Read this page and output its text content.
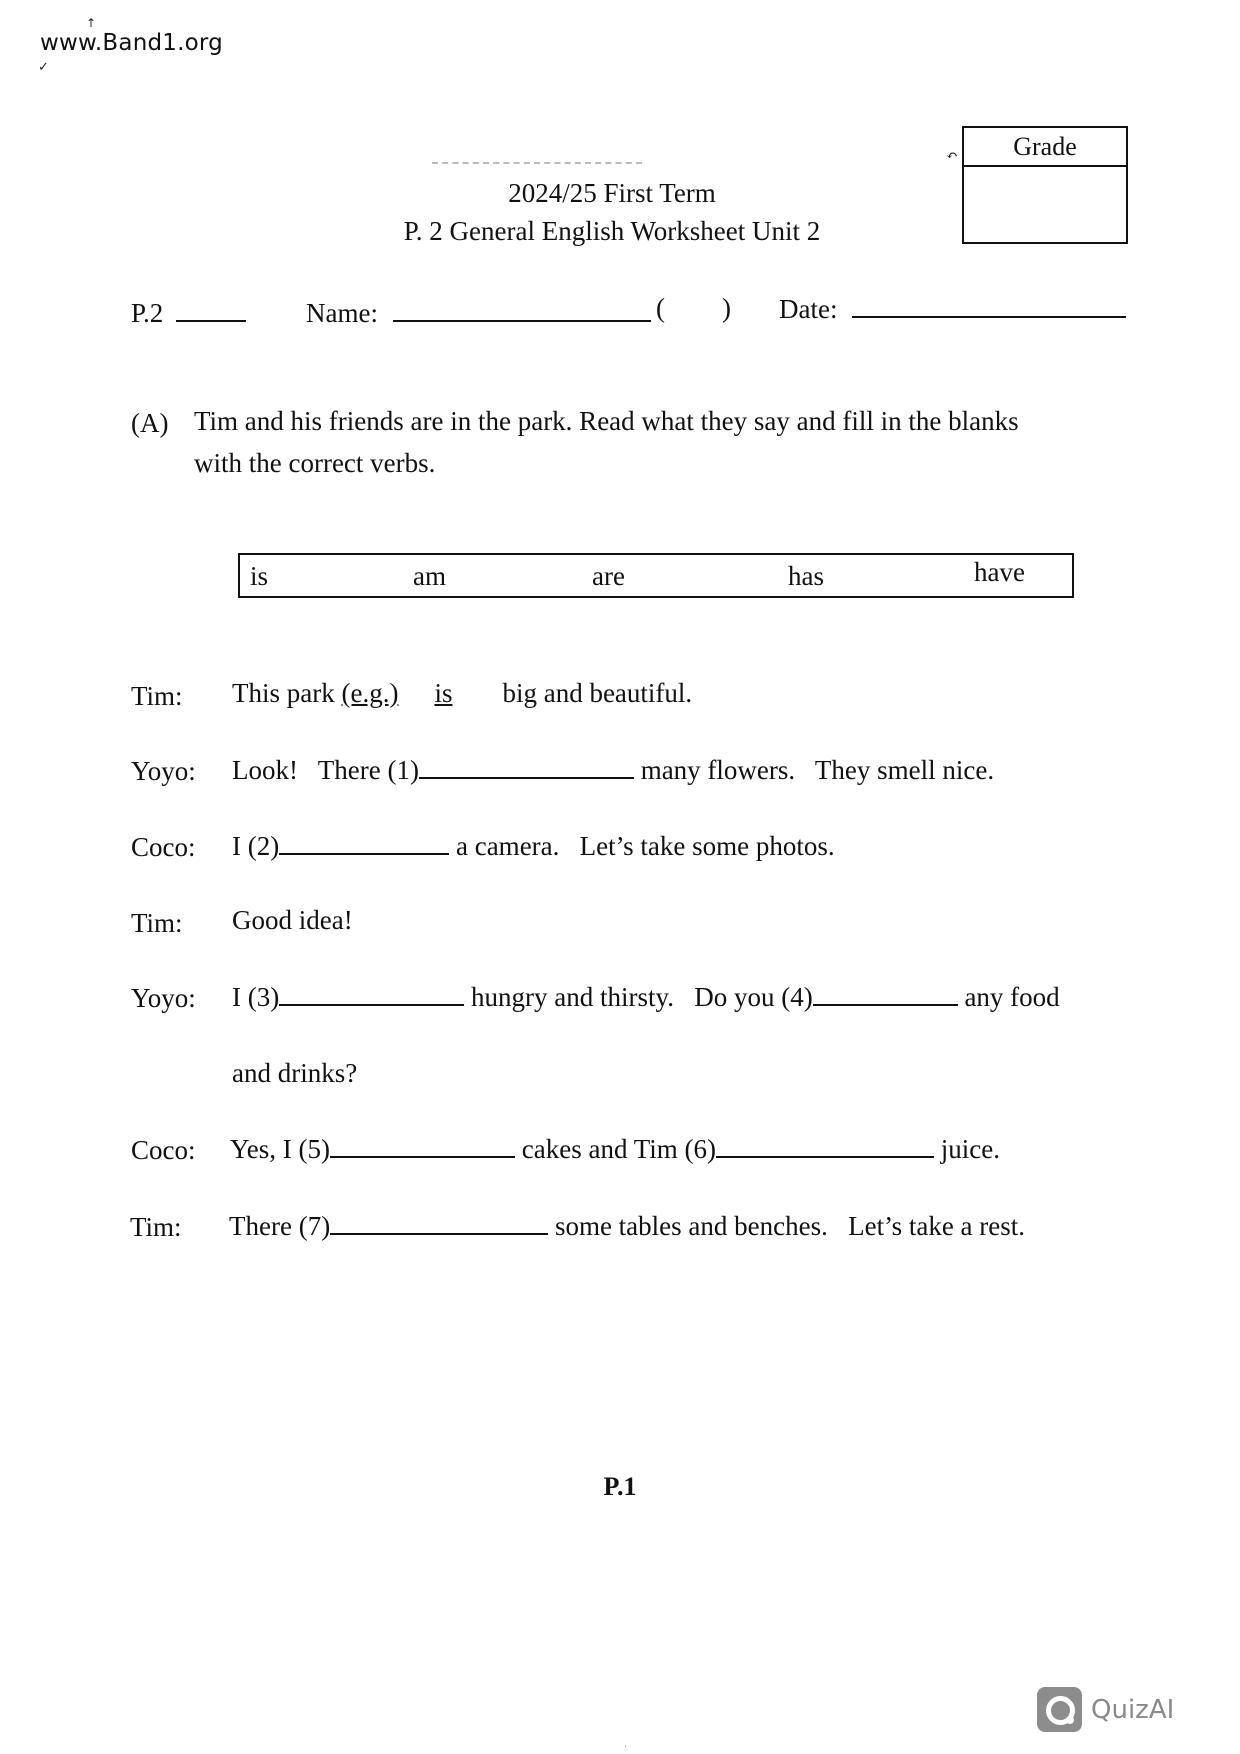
↑
www.Band1.org
✓
2024/25 First Term
P. 2 General English Worksheet Unit 2
↶	Grade
P.2	Name:	( ) Date:
(A) Tim and his friends are in the park. Read what they say and fill in the blanks
with the correct verbs.
is	am	are	has	have
Tim: This park (e.g.) is big and beautiful.
Yoyo: Look!   There (1)	many flowers.   They smell nice.
Coco: I (2)	a camera.   Let’s take some photos.
Tim: Good idea!
Yoyo: I (3)	hungry and thirsty.   Do you (4)	any food
and drinks?
Coco: Yes, I (5)	cakes and Tim (6)	juice.
Tim: There (7)	some tables and benches.   Let’s take a rest.
P.1
QuizAI
'
